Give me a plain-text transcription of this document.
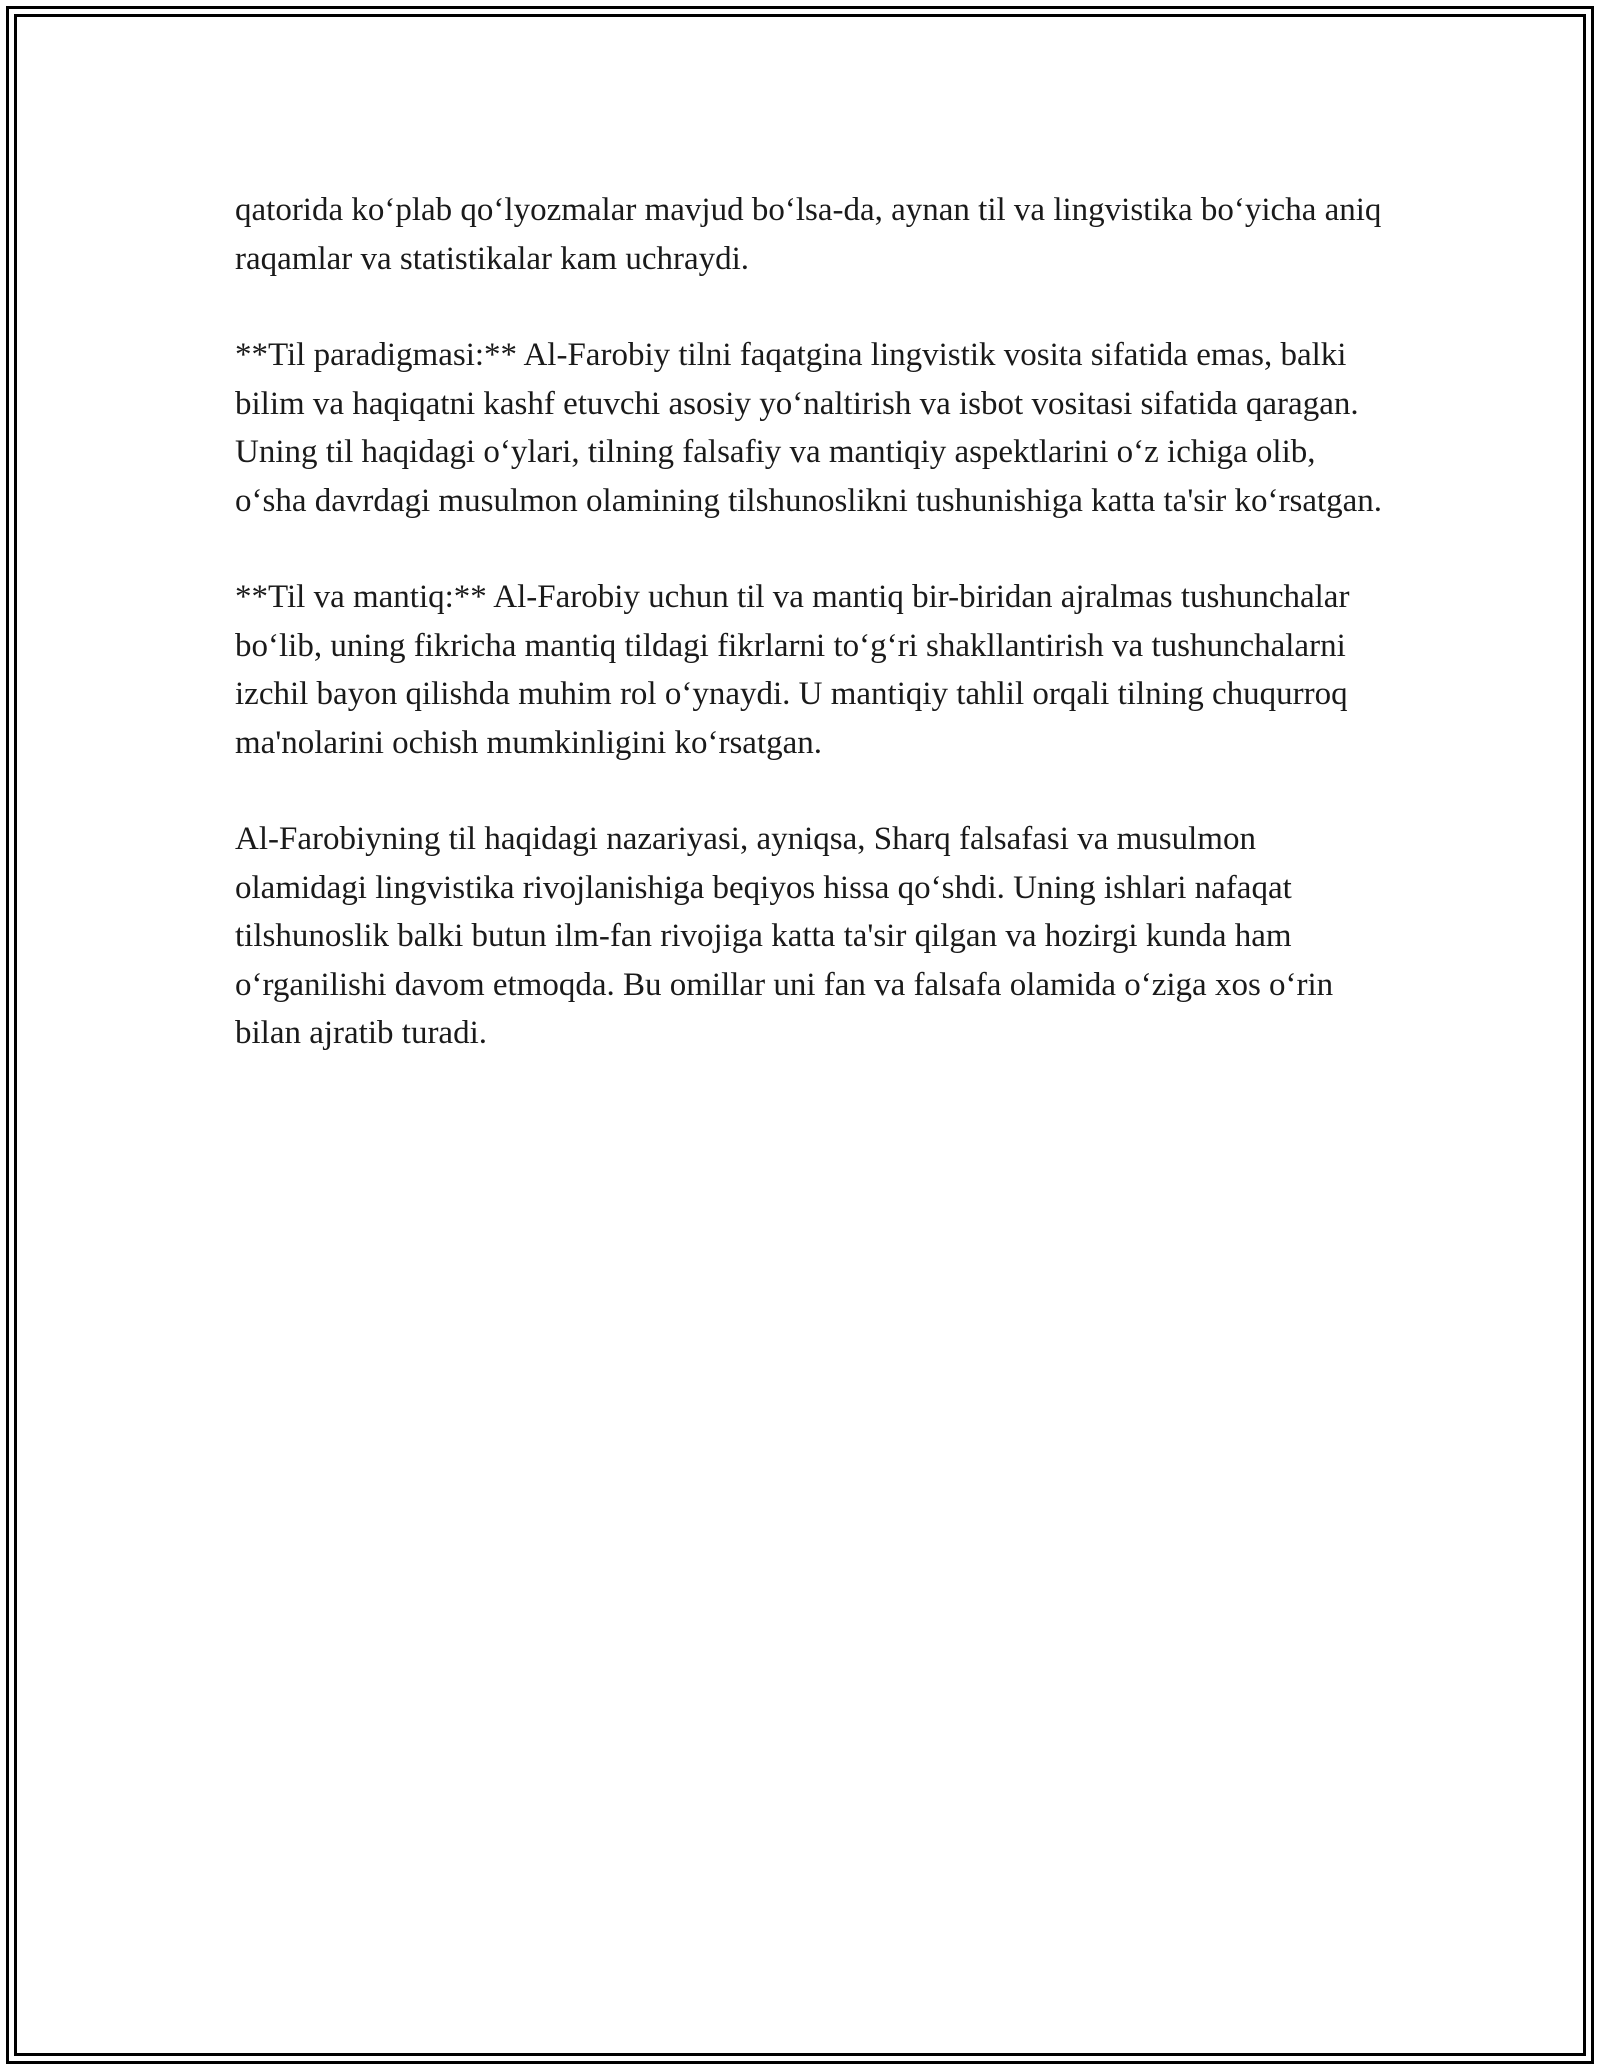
qatorida ko‘plab qo‘lyozmalar mavjud bo‘lsa-da, aynan til va lingvistika bo‘yicha aniq raqamlar va statistikalar kam uchraydi.

**Til paradigmasi:** Al-Farobiy tilni faqatgina lingvistik vosita sifatida emas, balki bilim va haqiqatni kashf etuvchi asosiy yo‘naltirish va isbot vositasi sifatida qaragan. Uning til haqidagi o‘ylari, tilning falsafiy va mantiqiy aspektlarini o‘z ichiga olib, o‘sha davrdagi musulmon olamining tilshunoslikni tushunishiga katta ta'sir ko‘rsatgan.

**Til va mantiq:** Al-Farobiy uchun til va mantiq bir-biridan ajralmas tushunchalar bo‘lib, uning fikricha mantiq tildagi fikrlarni to‘g‘ri shakllantirish va tushunchalarni izchil bayon qilishda muhim rol o‘ynaydi. U mantiqiy tahlil orqali tilning chuqurroq ma'nolarini ochish mumkinligini ko‘rsatgan.

Al-Farobiyning til haqidagi nazariyasi, ayniqsa, Sharq falsafasi va musulmon olamidagi lingvistika rivojlanishiga beqiyos hissa qo‘shdi. Uning ishlari nafaqat tilshunoslik balki butun ilm-fan rivojiga katta ta'sir qilgan va hozirgi kunda ham o‘rganilishi davom etmoqda. Bu omillar uni fan va falsafa olamida o‘ziga xos o‘rin bilan ajratib turadi.
